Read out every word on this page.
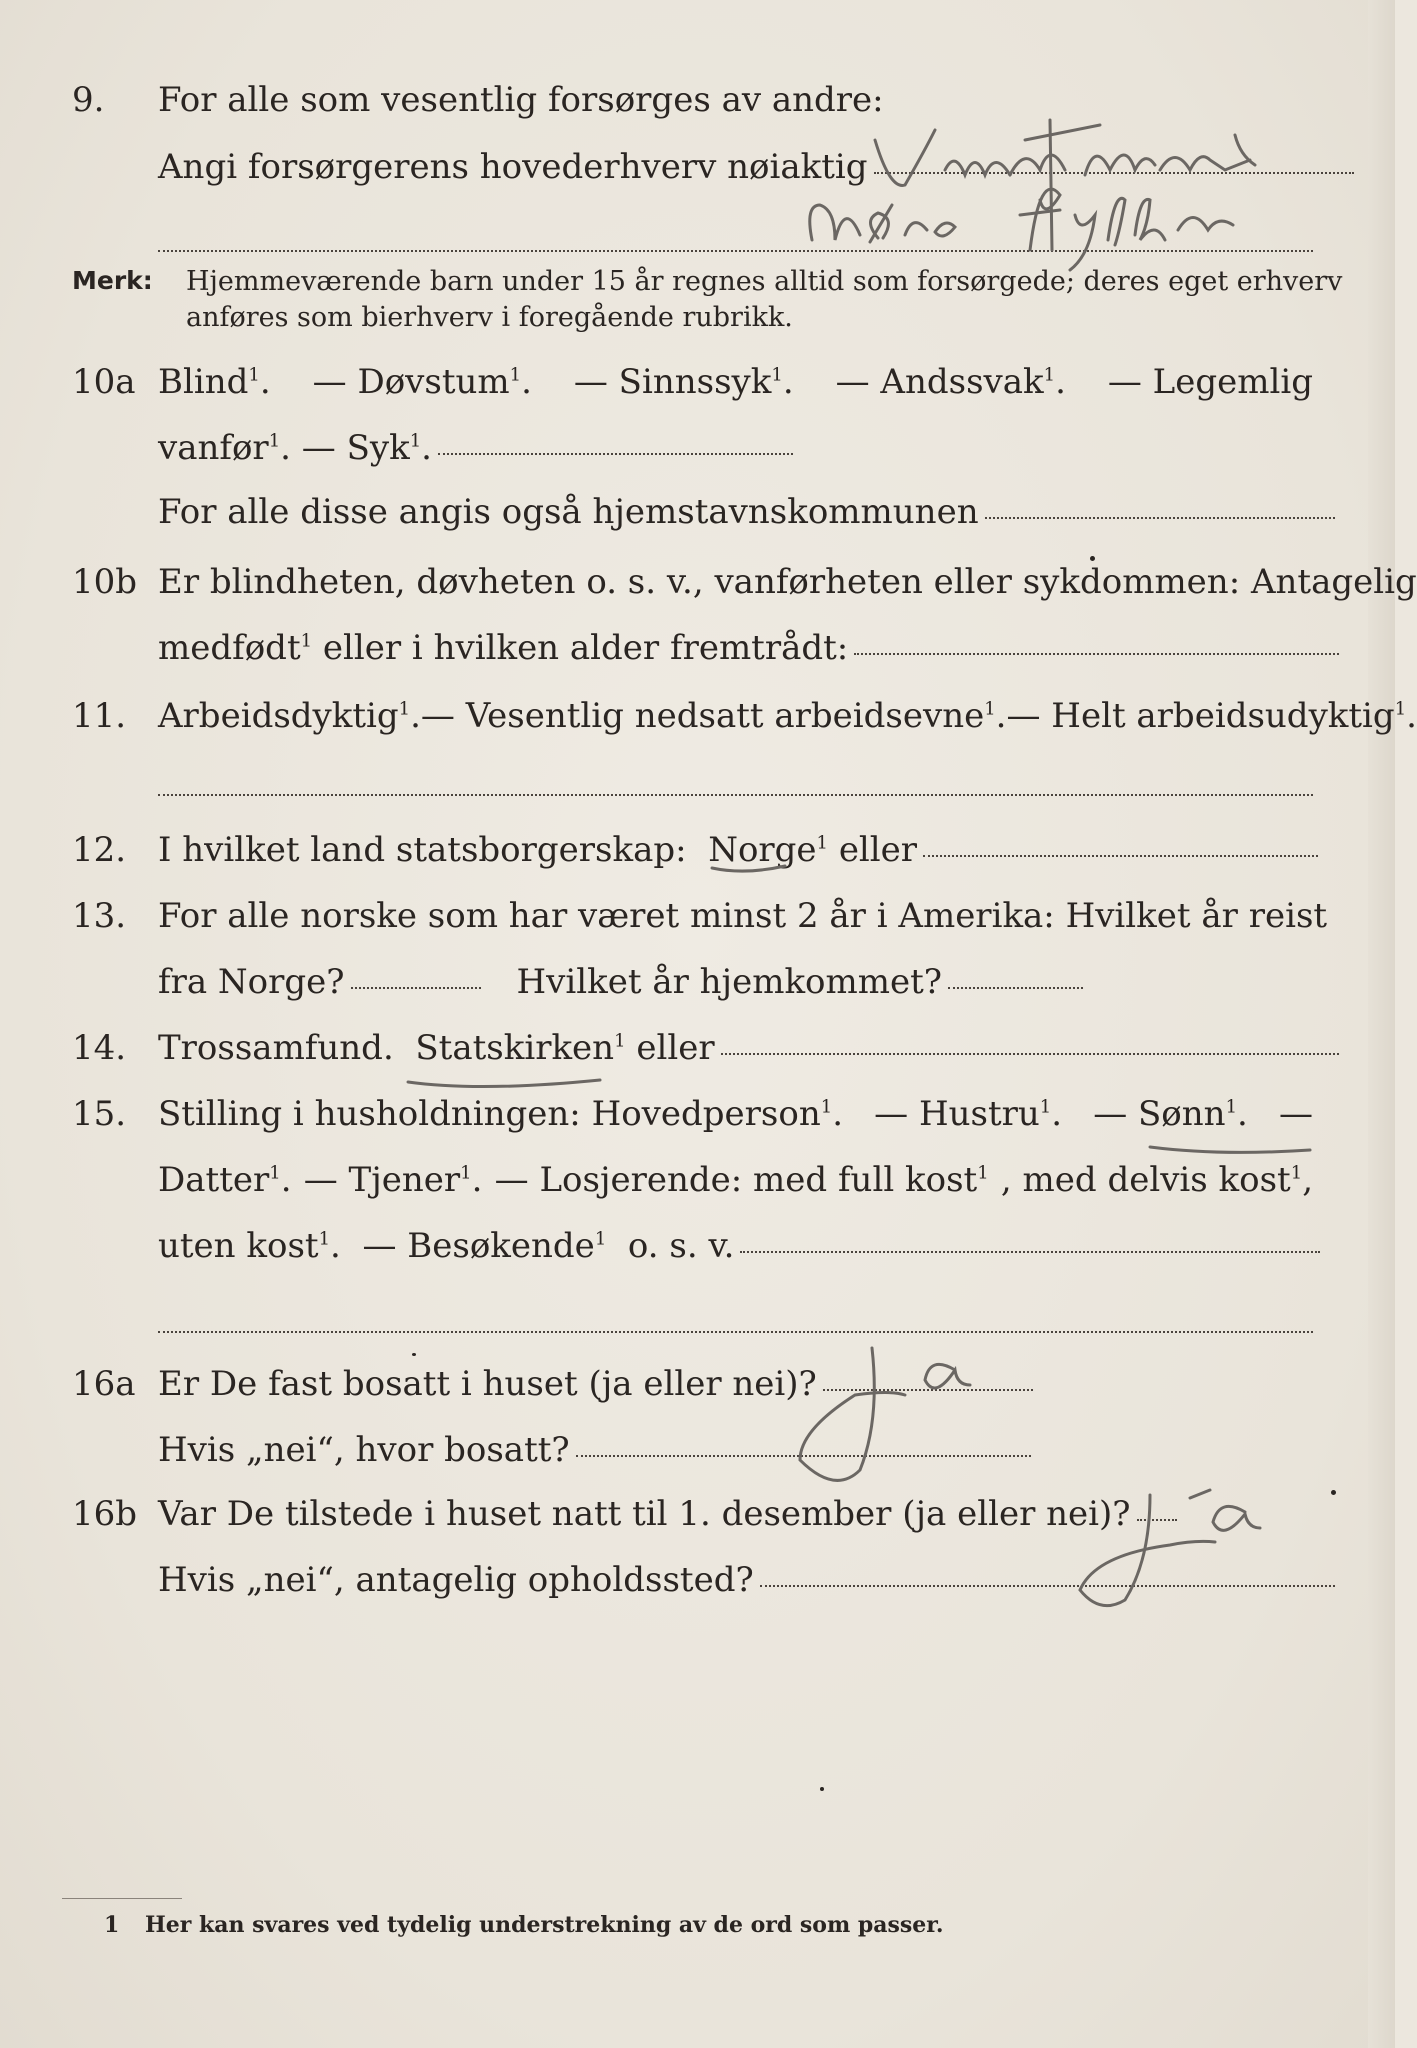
9. For alle som vesentlig forsørges av andre:
Angi forsørgerens hovederhverv nøiaktig
Merk: Hjemmeværende barn under 15 år regnes alltid som forsørgede; deres eget erhverv
anføres som bierhverv i foregående rubrikk.
10a Blind$^1$. — Døvstum$^1$. — Sinnssyk$^1$. — Andssvak$^1$. — Legemlig
vanfør$^1$.
— Syk$^1$.
For alle disse angis også hjemstavnskommunen
10b Er blindheten, døvheten o. s. v., vanførheten eller sykdommen: Antagelig
medfødt$^1$
eller i hvilken alder fremtrådt:
11. Arbeidsdyktig$^1$. — Vesentlig nedsatt arbeidsevne$^1$. — Helt arbeidsudyktig$^1$.
12. I hvilket land statsborgerskap:
Norge$^1$
eller
13. For alle norske som har været minst 2 år i Amerika: Hvilket år reist
fra Norge?	Hvilket år hjemkommet?
14. Trossamfund.
Statskirken$^1$
eller
15. Stilling i husholdningen: Hovedperson$^1$. — Hustru$^1$. — Sønn$^1$. —
Datter$^1$. — Tjener$^1$. — Losjerende: med full kost$^1$ , med delvis kost$^1$,
uten kost$^1$.
— Besøkende$^1$
o. s. v.
16a Er De fast bosatt i huset (ja eller nei)?
Hvis „nei“, hvor bosatt?
16b Var De tilstede i huset natt til 1. desember (ja eller nei)?
Hvis „nei“, antagelig opholdssted?
1 Her kan svares ved tydelig understrekning av de ord som passer.
